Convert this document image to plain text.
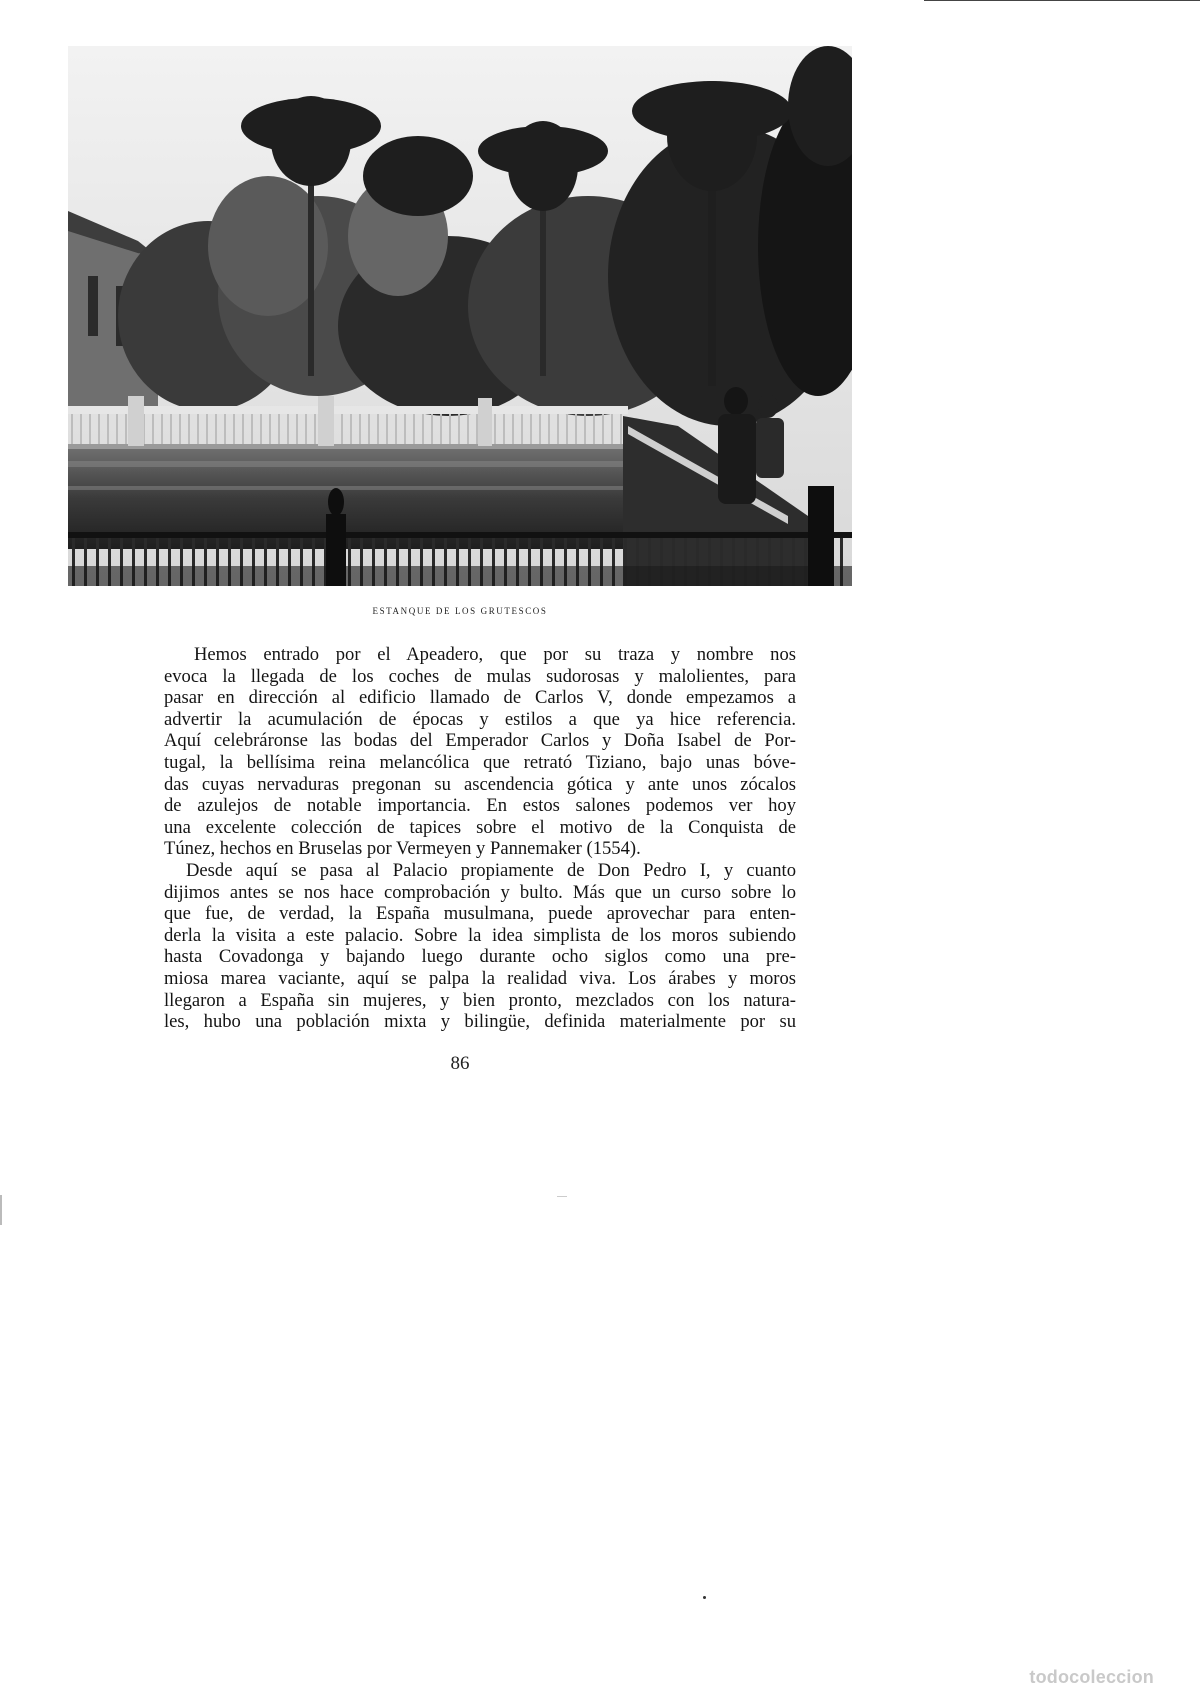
ESTANQUE DE LOS GRUTESCOS
Hemos entrado por el Apeadero, que por su traza y nombre nos
evoca la llegada de los coches de mulas sudorosas y malolientes, para
pasar en dirección al edificio llamado de Carlos V, donde empezamos a
advertir la acumulación de épocas y estilos a que ya hice referencia.
Aquí celebráronse las bodas del Emperador Carlos y Doña Isabel de Por-
tugal, la bellísima reina melancólica que retrató Tiziano, bajo unas bóve-
das cuyas nervaduras pregonan su ascendencia gótica y ante unos zócalos
de azulejos de notable importancia. En estos salones podemos ver hoy
una excelente colección de tapices sobre el motivo de la Conquista de
Túnez, hechos en Bruselas por Vermeyen y Pannemaker (1554).
Desde aquí se pasa al Palacio propiamente de Don Pedro I, y cuanto
dijimos antes se nos hace comprobación y bulto. Más que un curso sobre lo
que fue, de verdad, la España musulmana, puede aprovechar para enten-
derla la visita a este palacio. Sobre la idea simplista de los moros subiendo
hasta Covadonga y bajando luego durante ocho siglos como una pre-
miosa marea vaciante, aquí se palpa la realidad viva. Los árabes y moros
llegaron a España sin mujeres, y bien pronto, mezclados con los natura-
les, hubo una población mixta y bilingüe, definida materialmente por su
86
todocoleccion
